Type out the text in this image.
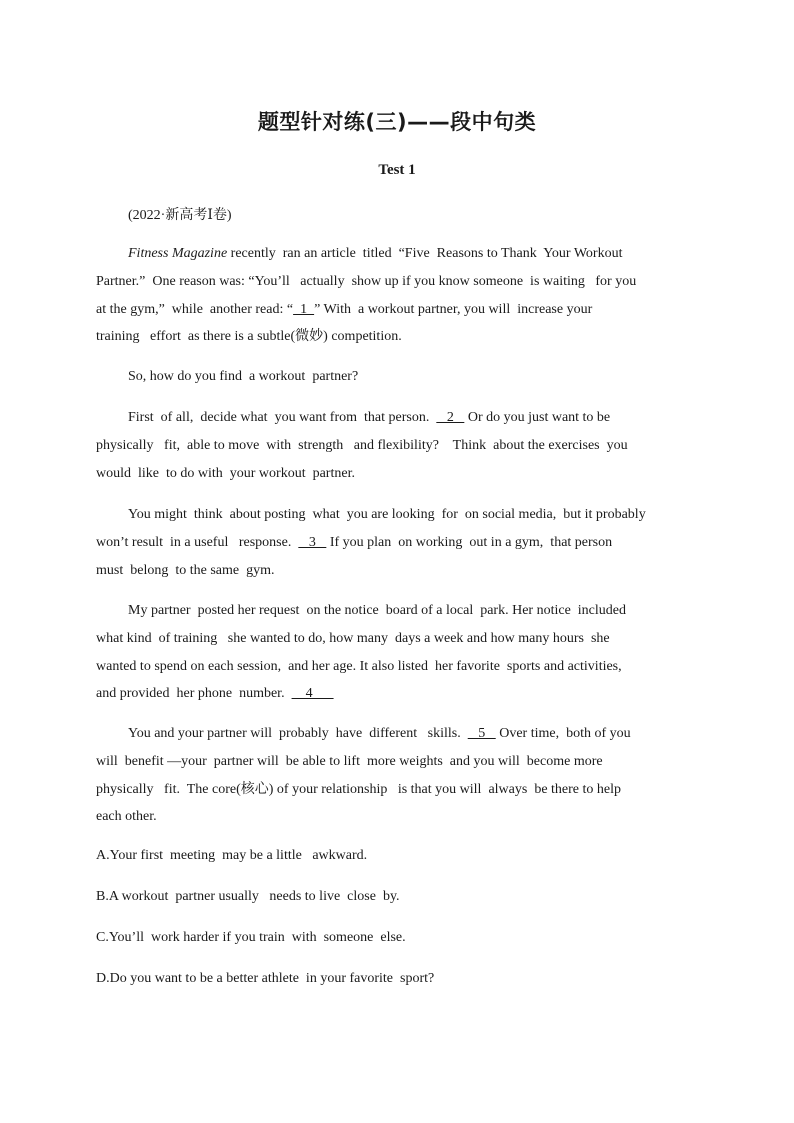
题型针对练(三)——段中句类
Test 1
(2022·新高考Ⅰ卷)
Fitness Magazine recently  ran an article  titled  “Five  Reasons to Thank  Your Workout
Partner.”  One reason was: “You’ll   actually  show up if you know someone  is waiting   for you
at the gym,”  while  another read: “  1  ” With  a workout partner, you will  increase your
training   effort  as there is a subtle(微妙) competition.
So, how do you find  a workout  partner?
First  of all,  decide what  you want from  that person.     2    Or do you just want to be
physically   fit,  able to move  with  strength   and flexibility?    Think  about the exercises  you
would  like  to do with  your workout  partner.
You might  think  about posting  what  you are looking  for  on social media,  but it probably
won’t result  in a useful   response.     3    If you plan  on working  out in a gym,  that person
must  belong  to the same  gym.
My partner  posted her request  on the notice  board of a local  park. Her notice  included
what kind  of training   she wanted to do, how many  days a week and how many hours  she
wanted to spend on each session,  and her age. It also listed  her favorite  sports and activities,
and provided  her phone  number.      4
You and your partner will  probably  have  different   skills.     5    Over time,  both of you
will  benefit —your  partner will  be able to lift  more weights  and you will  become more
physically   fit.  The core(核心) of your relationship   is that you will  always  be there to help
each other.
A.Your first  meeting  may be a little   awkward.
B.A workout  partner usually   needs to live  close  by.
C.You’ll  work harder if you train  with  someone  else.
D.Do you want to be a better athlete  in your favorite  sport?
